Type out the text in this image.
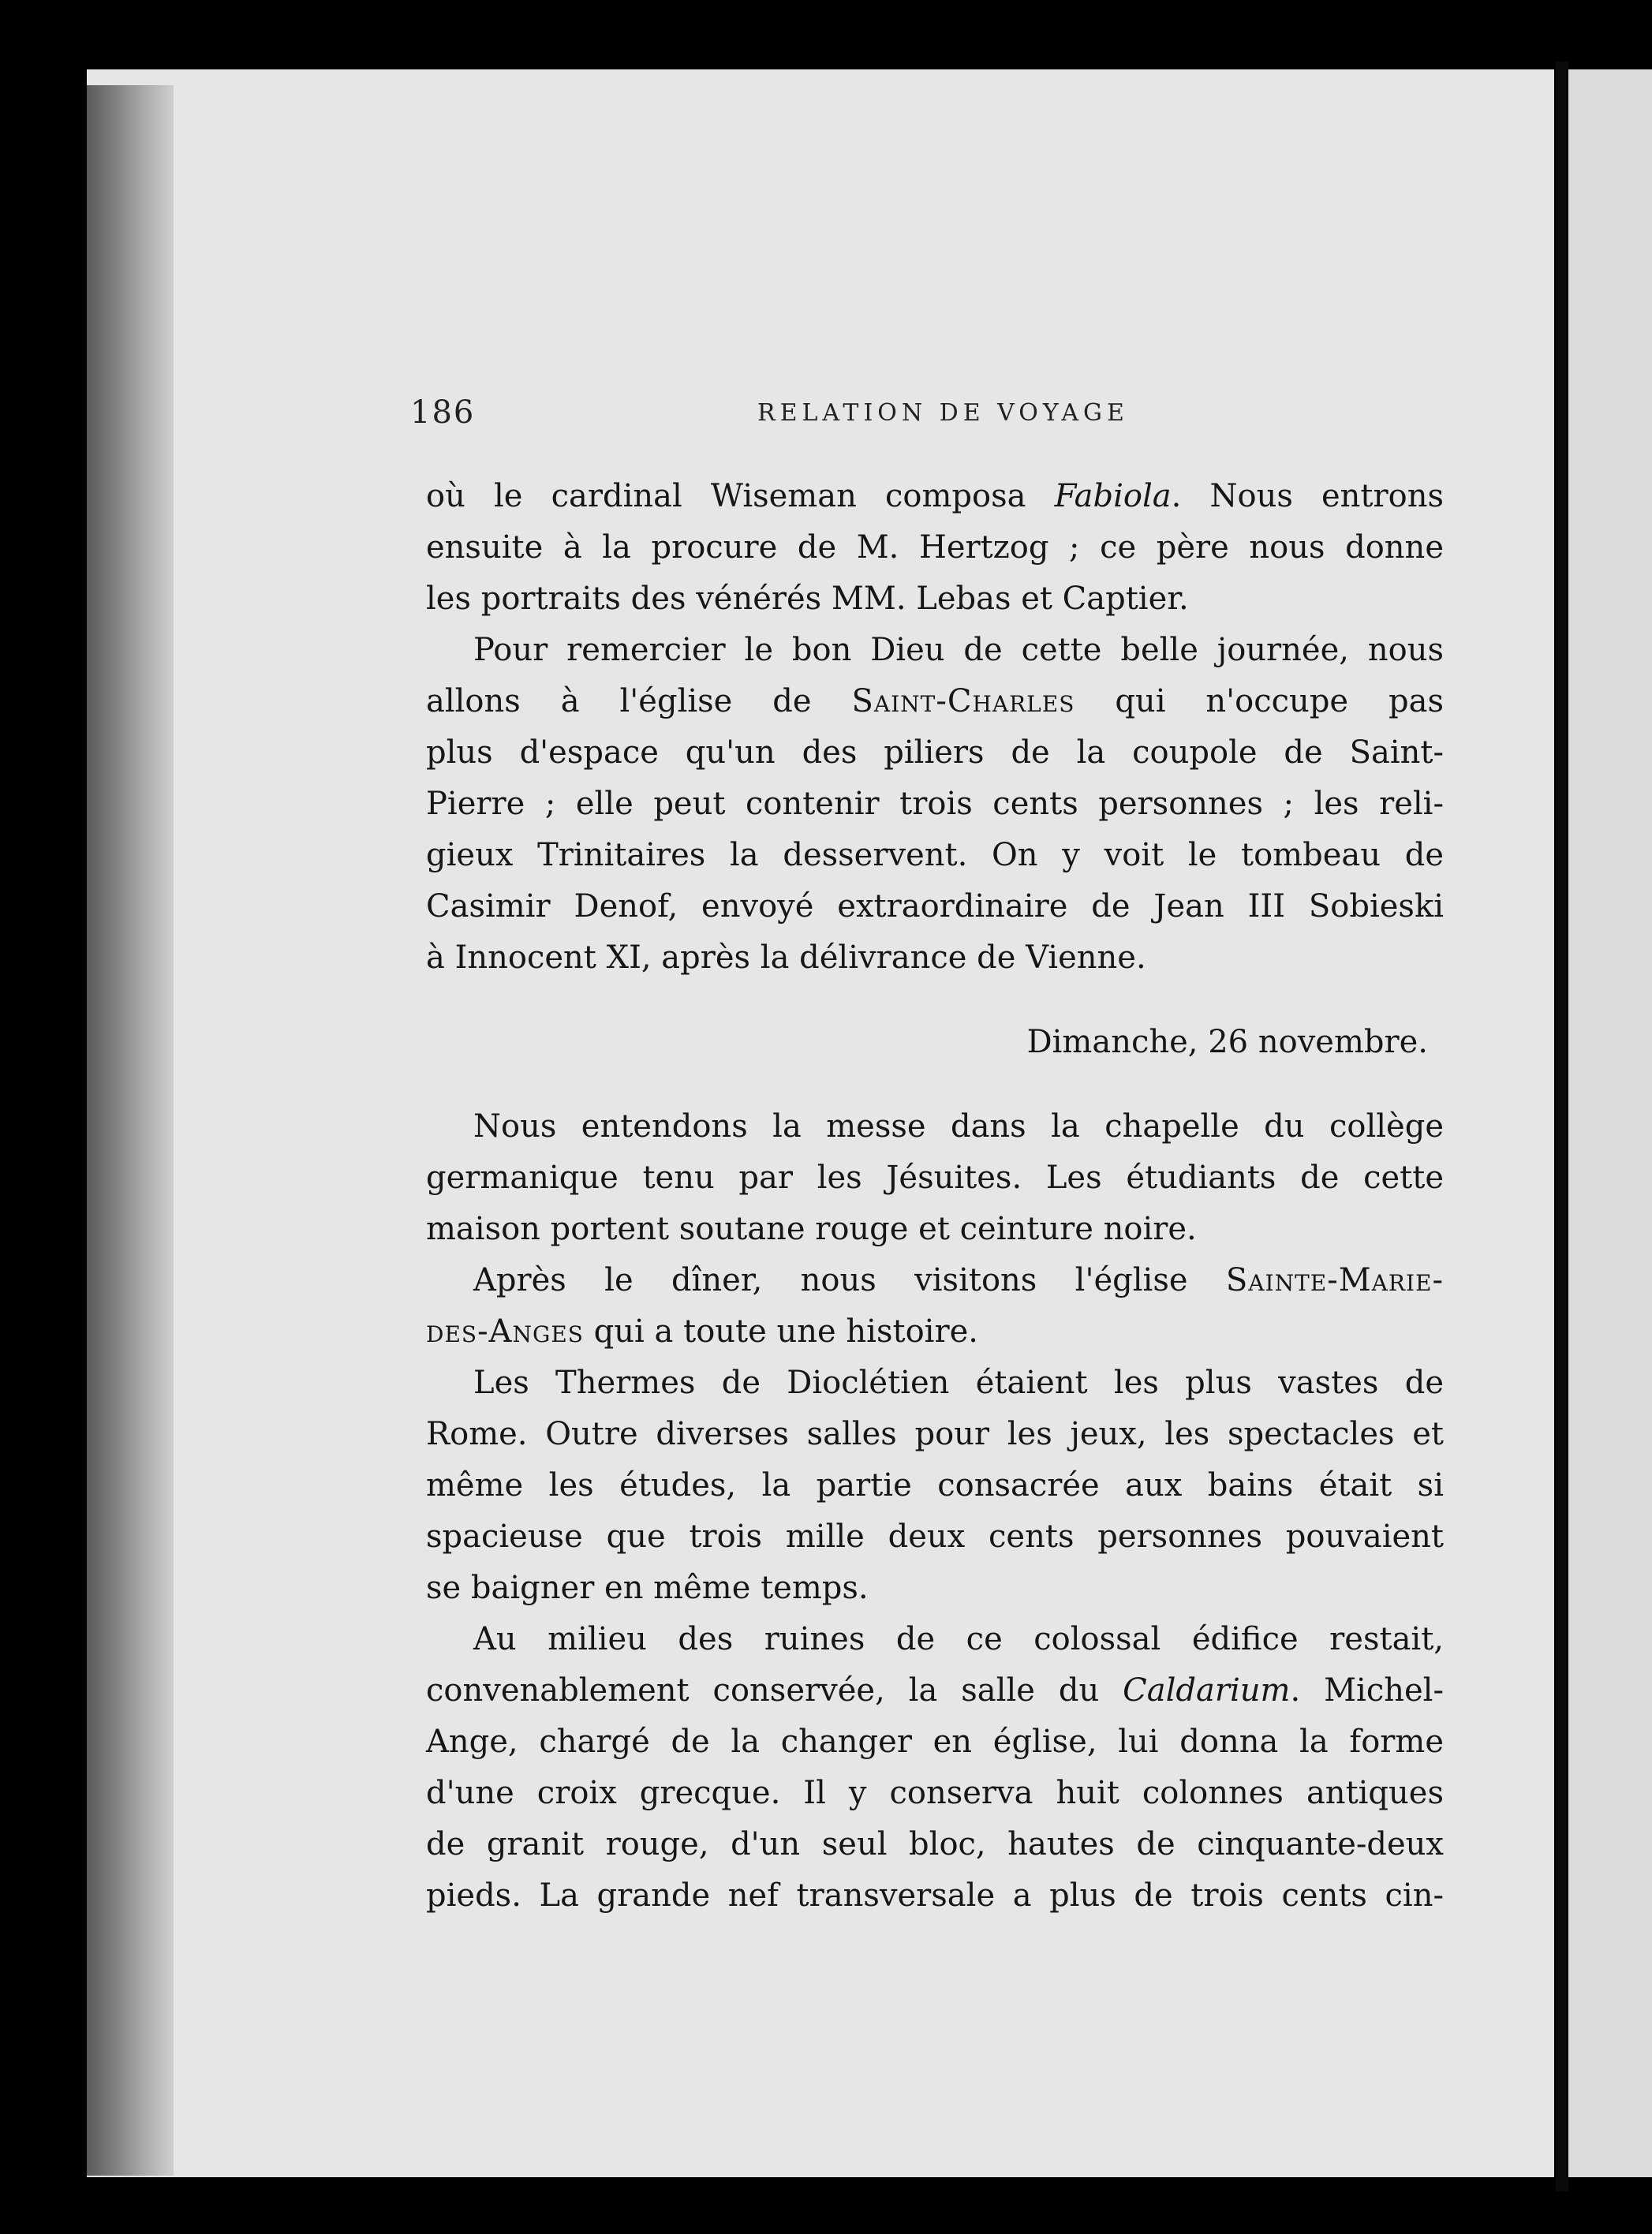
186	RELATION DE VOYAGE
où le cardinal Wiseman composa Fabiola. Nous entrons
ensuite à la procure de M. Hertzog ; ce père nous donne
les portraits des vénérés MM. Lebas et Captier.
Pour remercier le bon Dieu de cette belle journée, nous
allons à l'église de Saint-Charles qui n'occupe pas
plus d'espace qu'un des piliers de la coupole de Saint-
Pierre ; elle peut contenir trois cents personnes ; les reli-
gieux Trinitaires la desservent. On y voit le tombeau de
Casimir Denof, envoyé extraordinaire de Jean III Sobieski
à Innocent XI, après la délivrance de Vienne.
Dimanche, 26 novembre.
Nous entendons la messe dans la chapelle du collège
germanique tenu par les Jésuites. Les étudiants de cette
maison portent soutane rouge et ceinture noire.
Après le dîner, nous visitons l'église Sainte-Marie-
des-Anges qui a toute une histoire.
Les Thermes de Dioclétien étaient les plus vastes de
Rome. Outre diverses salles pour les jeux, les spectacles et
même les études, la partie consacrée aux bains était si
spacieuse que trois mille deux cents personnes pouvaient
se baigner en même temps.
Au milieu des ruines de ce colossal édifice restait,
convenablement conservée, la salle du Caldarium. Michel-
Ange, chargé de la changer en église, lui donna la forme
d'une croix grecque. Il y conserva huit colonnes antiques
de granit rouge, d'un seul bloc, hautes de cinquante-deux
pieds. La grande nef transversale a plus de trois cents cin-
